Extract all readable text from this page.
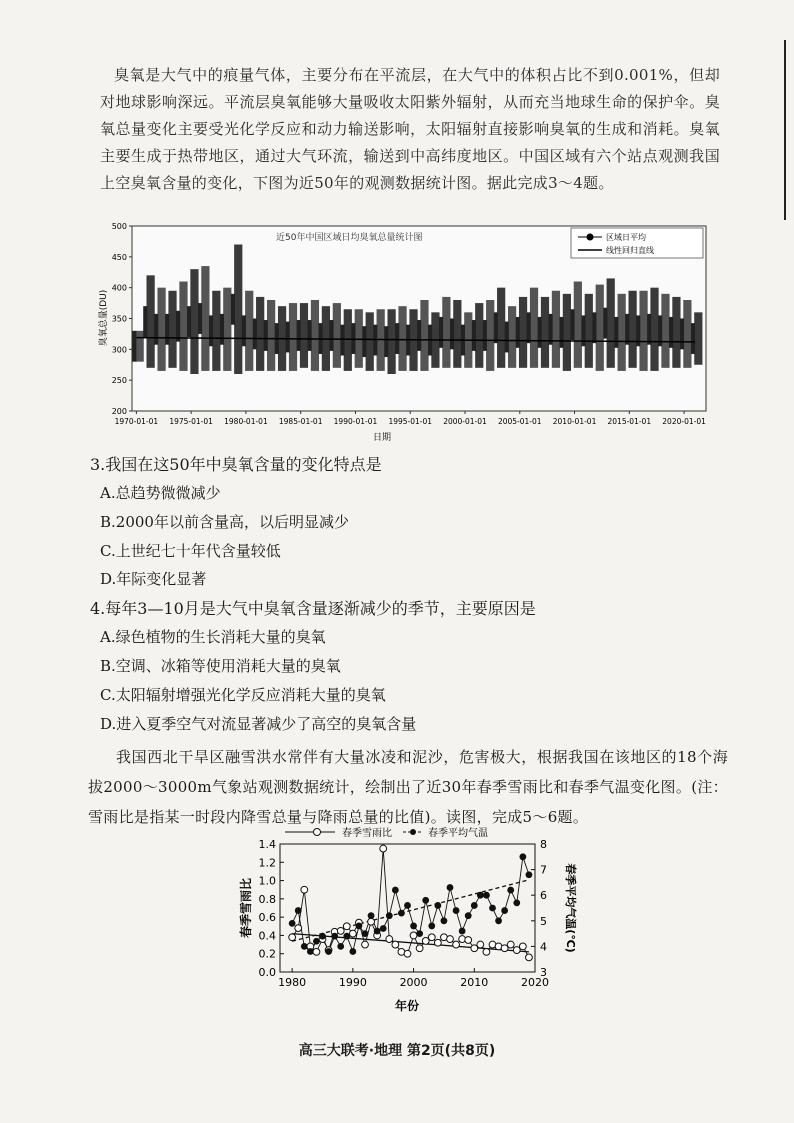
臭氧是大气中的痕量气体，主要分布在平流层，在大气中的体积占比不到0.001%，但却对地球影响深远。平流层臭氧能够大量吸收太阳紫外辐射，从而充当地球生命的保护伞。臭氧总量变化主要受光化学反应和动力输送影响，太阳辐射直接影响臭氧的生成和消耗。臭氧主要生成于热带地区，通过大气环流，输送到中高纬度地区。中国区域有六个站点观测我国上空臭氧含量的变化，下图为近50年的观测数据统计图。据此完成3～4题。
近50年中国区域日均臭氧总量统计图
臭氧总量(DU)
日期
200
250
300
350
400
450
500
1970-01-01 1975-01-01 1980-01-01 1985-01-01 1990-01-01 1995-01-01 2000-01-01 2005-01-01 2010-01-01 2015-01-01 2020-01-01
区域日平均
线性回归直线
3.我国在这50年中臭氧含量的变化特点是
A.总趋势微微减少
B.2000年以前含量高，以后明显减少
C.上世纪七十年代含量较低
D.年际变化显著
4.每年3—10月是大气中臭氧含量逐渐减少的季节，主要原因是
A.绿色植物的生长消耗大量的臭氧
B.空调、冰箱等使用消耗大量的臭氧
C.太阳辐射增强光化学反应消耗大量的臭氧
D.进入夏季空气对流显著减少了高空的臭氧含量
我国西北干旱区融雪洪水常伴有大量冰凌和泥沙，危害极大，根据我国在该地区的18个海拔2000～3000m气象站观测数据统计，绘制出了近30年春季雪雨比和春季气温变化图。(注：雪雨比是指某一时段内降雪总量与降雨总量的比值)。读图，完成5～6题。
春季雪雨比	春季平均气温
春季雪雨比	春季平均气温(℃)
年份
0.0
0.2
0.4
0.6
0.8
1.0
1.2
1.4
3
4
5
6
7
8
1980	1990	2000	2010	2020
高三大联考·地理 第2页(共8页)
